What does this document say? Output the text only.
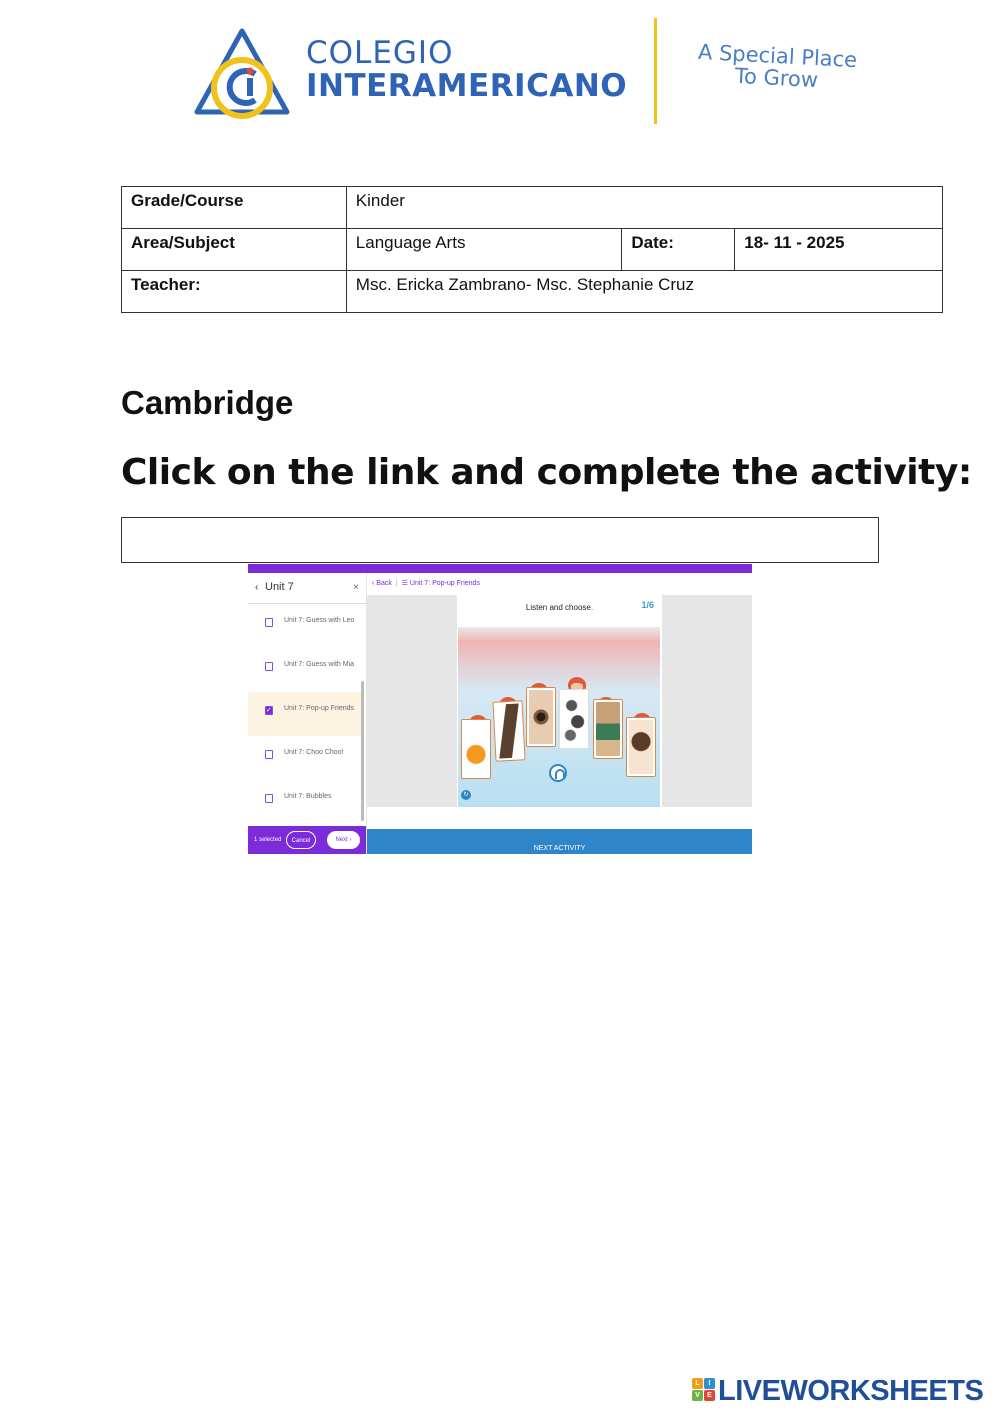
COLEGIO
INTERAMERICANO
A Special Place
To Grow
Grade/Course	Kinder		
Area/Subject	Language Arts	Date:	18- 11 - 2025
Teacher:	Msc. Ericka Zambrano- Msc. Stephanie Cruz		
Cambridge
Click on the link and complete the activity:
‹ Unit 7	×
Unit 7: Guess with Leo
Unit 7: Guess with Mia
✓ Unit 7: Pop-up Friends
Unit 7: Choo Choo!
Unit 7: Bubbles
1 selected	Cancel	Next ›
‹ Back | ☰ Unit 7: Pop-up Friends
Listen and choose.	1/6
↻
NEXT ACTIVITY
L	I
V	E LIVEWORKSHEETS
